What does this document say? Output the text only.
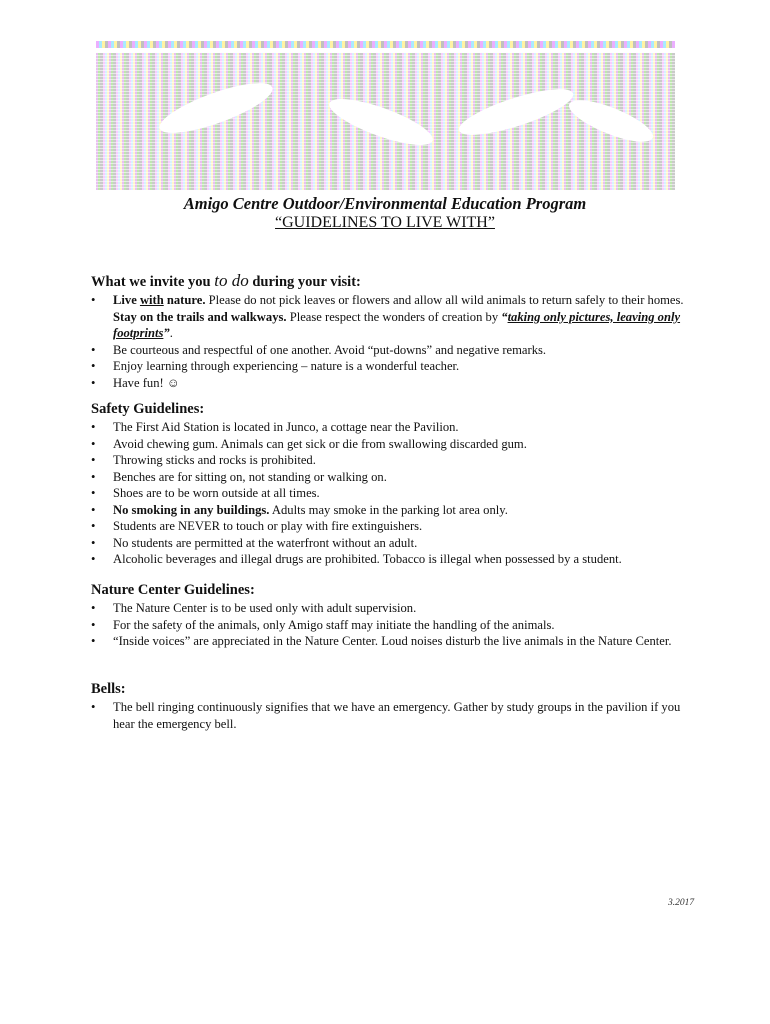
Amigo Centre Outdoor/Environmental Education Program
“GUIDELINES TO LIVE WITH”
What we invite you to do during your visit:
• Live with nature. Please do not pick leaves or flowers and allow all wild animals to return safely to their homes. Stay on the trails and walkways. Please respect the wonders of creation by “taking only pictures, leaving only footprints”.
• Be courteous and respectful of one another. Avoid “put-downs” and negative remarks.
• Enjoy learning through experiencing – nature is a wonderful teacher.
• Have fun! ☺
Safety Guidelines:
• The First Aid Station is located in Junco, a cottage near the Pavilion.
• Avoid chewing gum. Animals can get sick or die from swallowing discarded gum.
• Throwing sticks and rocks is prohibited.
• Benches are for sitting on, not standing or walking on.
• Shoes are to be worn outside at all times.
• No smoking in any buildings. Adults may smoke in the parking lot area only.
• Students are NEVER to touch or play with fire extinguishers.
• No students are permitted at the waterfront without an adult.
• Alcoholic beverages and illegal drugs are prohibited. Tobacco is illegal when possessed by a student.
Nature Center Guidelines:
• The Nature Center is to be used only with adult supervision.
• For the safety of the animals, only Amigo staff may initiate the handling of the animals.
• “Inside voices” are appreciated in the Nature Center. Loud noises disturb the live animals in the Nature Center.
Bells:
• The bell ringing continuously signifies that we have an emergency. Gather by study groups in the pavilion if you hear the emergency bell.
3.2017
